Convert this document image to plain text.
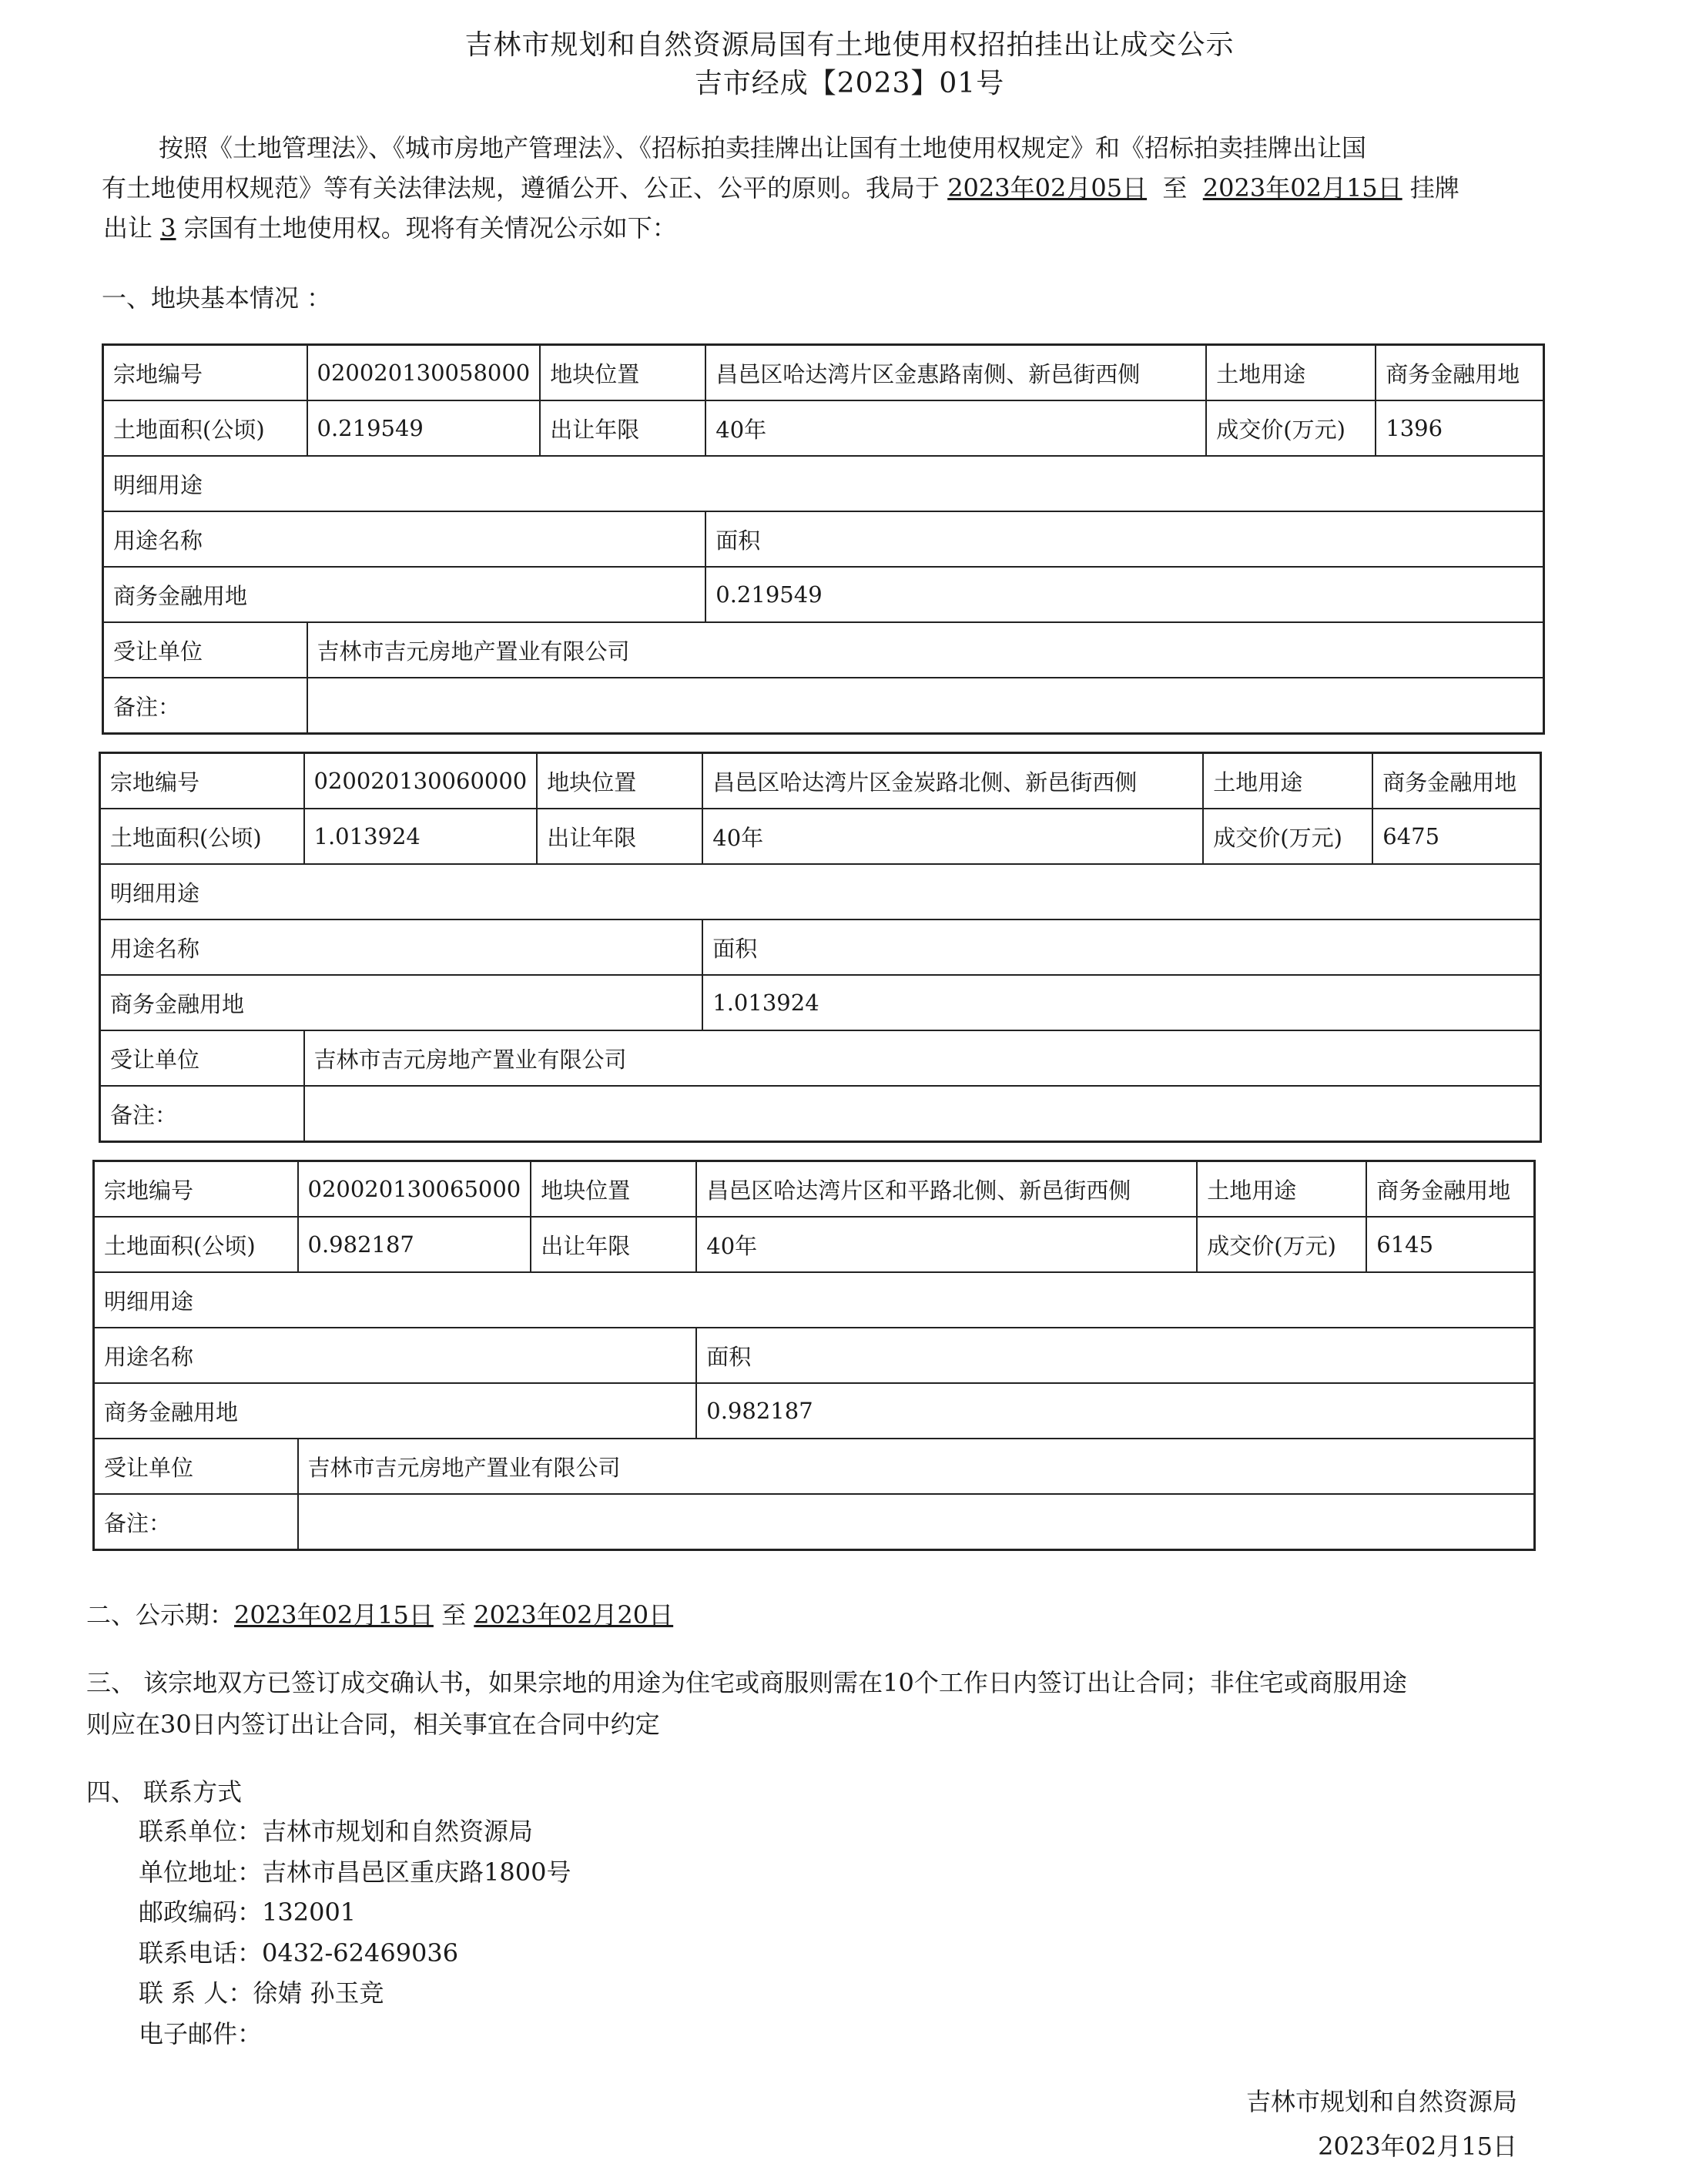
吉林市规划和自然资源局国有土地使用权招拍挂出让成交公示
吉市经成【2023】01号

按照《土地管理法》、《城市房地产管理法》、《招标拍卖挂牌出让国有土地使用权规定》和《招标拍卖挂牌出让国

有土地使用权规范》等有关法律法规，遵循公开、公正、公平的原则。我局于 2023年02月05日 至 2023年02月15日 挂牌

出让 3 宗国有土地使用权。现将有关情况公示如下：

一、地块基本情况 ：
宗地编号	020020130058000	地块位置	昌邑区哈达湾片区金惠路南侧、新邑街西侧	土地用途	商务金融用地
土地面积(公顷)	0.219549	出让年限	40年	成交价(万元)	1396
明细用途					
用途名称			面积		
商务金融用地			0.219549		
受让单位	吉林市吉元房地产置业有限公司				
备注：					
宗地编号	020020130060000	地块位置	昌邑区哈达湾片区金炭路北侧、新邑街西侧	土地用途	商务金融用地
土地面积(公顷)	1.013924	出让年限	40年	成交价(万元)	6475
明细用途					
用途名称			面积		
商务金融用地			1.013924		
受让单位	吉林市吉元房地产置业有限公司				
备注：					
宗地编号	020020130065000	地块位置	昌邑区哈达湾片区和平路北侧、新邑街西侧	土地用途	商务金融用地
土地面积(公顷)	0.982187	出让年限	40年	成交价(万元)	6145
明细用途					
用途名称			面积		
商务金融用地			0.982187		
受让单位	吉林市吉元房地产置业有限公司				
备注：					

二、公示期：2023年02月15日 至 2023年02月20日

三、 该宗地双方已签订成交确认书，如果宗地的用途为住宅或商服则需在10个工作日内签订出让合同；非住宅或商服用途

则应在30日内签订出让合同，相关事宜在合同中约定

四、 联系方式
联系单位：吉林市规划和自然资源局
单位地址：吉林市昌邑区重庆路1800号
邮政编码：132001
联系电话：0432-62469036
联 系 人：徐婧 孙玉竞
电子邮件：
吉林市规划和自然资源局
2023年02月15日
